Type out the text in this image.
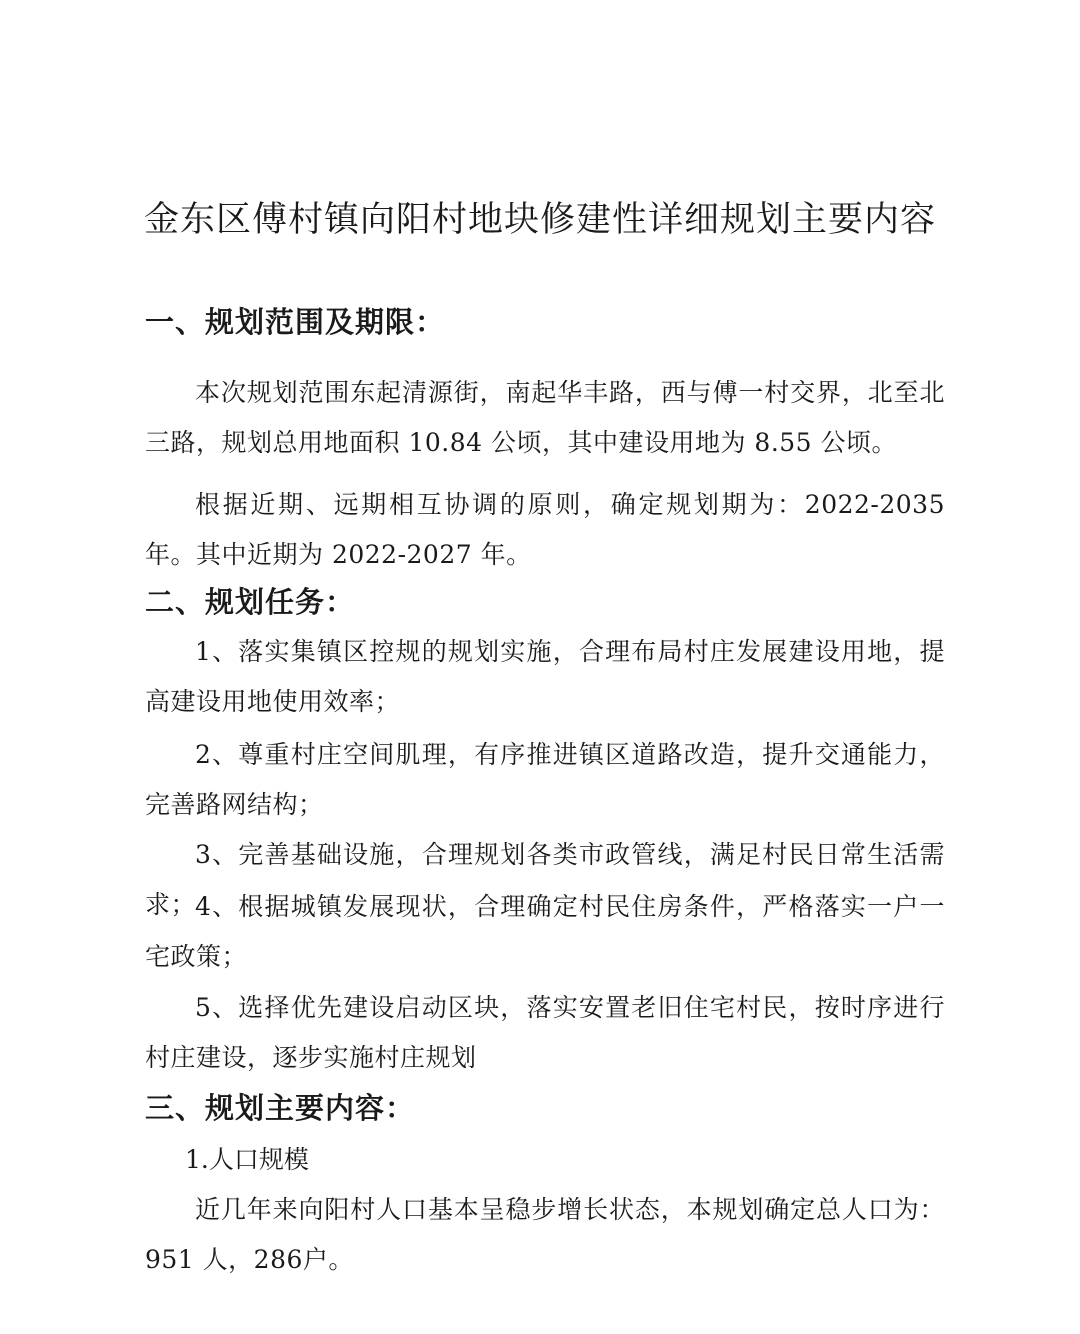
金东区傅村镇向阳村地块修建性详细规划主要内容
一、规划范围及期限：
本次规划范围东起清源街，南起华丰路，西与傅一村交界，北至北三路，规划总用地面积 10.84 公顷，其中建设用地为 8.55 公顷。
根据近期、远期相互协调的原则，确定规划期为：2022-2035 年。其中近期为 2022-2027 年。
二、规划任务：
1、落实集镇区控规的规划实施，合理布局村庄发展建设用地，提高建设用地使用效率；
2、尊重村庄空间肌理，有序推进镇区道路改造，提升交通能力，完善路网结构；
3、完善基础设施，合理规划各类市政管线，满足村民日常生活需求；
4、根据城镇发展现状，合理确定村民住房条件，严格落实一户一宅政策；
5、选择优先建设启动区块，落实安置老旧住宅村民，按时序进行村庄建设，逐步实施村庄规划
三、规划主要内容：
1.人口规模
近几年来向阳村人口基本呈稳步增长状态，本规划确定总人口为：951 人，286户。
